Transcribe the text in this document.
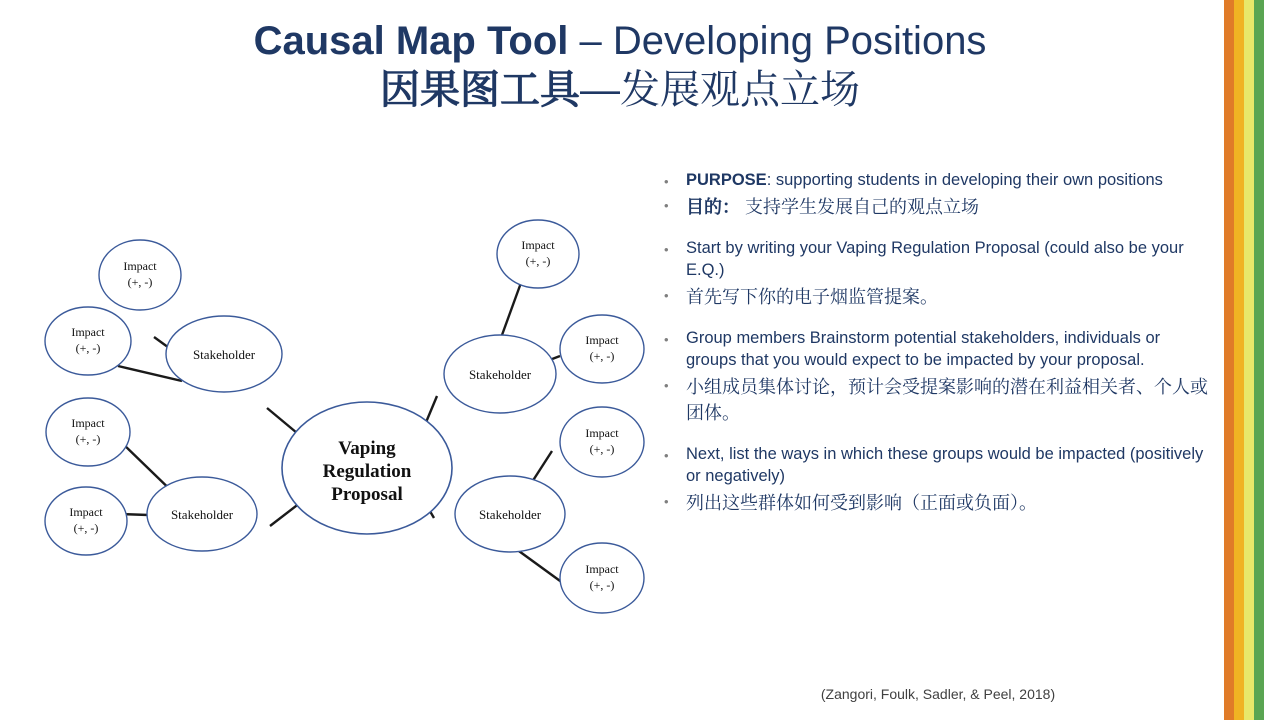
Causal Map Tool – Developing Positions
因果图工具—发展观点立场
Vaping
Regulation
Proposal
Stakeholder
Stakeholder
Stakeholder
Stakeholder
Impact
(+, -)
Impact
(+, -)
Impact
(+, -)
Impact
(+, -)
Impact
(+, -)
Impact
(+, -)
Impact
(+, -)
Impact
(+, -)
•	PURPOSE: supporting students in developing their own positions
• 目的： 支持学生发展自己的观点立场
•	Start by writing your Vaping Regulation Proposal (could also be your E.Q.)
• 首先写下你的电子烟监管提案。
•	Group members Brainstorm potential stakeholders, individuals or groups that you would expect to be impacted by your proposal.
• 小组成员集体讨论，预计会受提案影响的潜在利益相关者、个人或团体。
•	Next, list the ways in which these groups would be impacted (positively or negatively)
• 列出这些群体如何受到影响（正面或负面）。
(Zangori, Foulk, Sadler, & Peel, 2018)
